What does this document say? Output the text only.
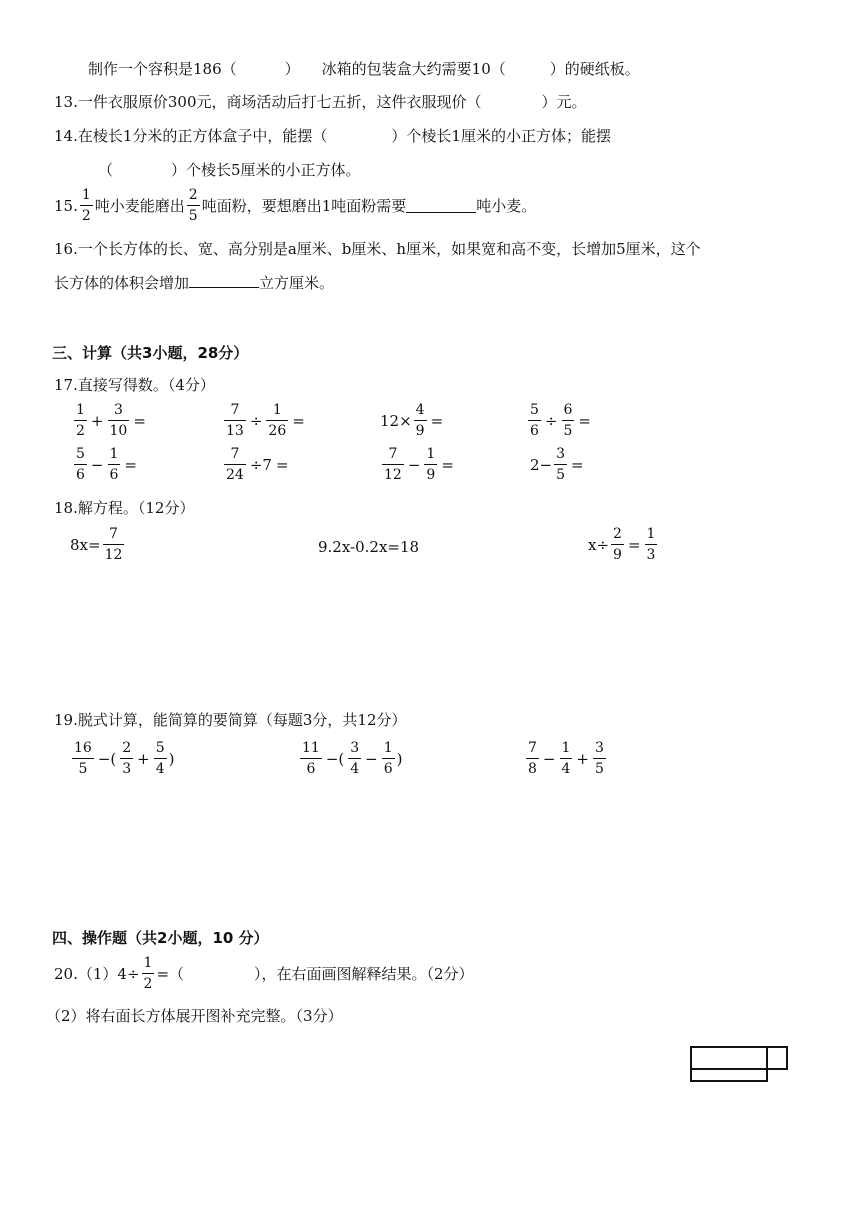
制作一个容积是186（	） 冰箱的包装盒大约需要10（	）的硬纸板。
13.一件衣服原价300元，商场活动后打七五折，这件衣服现价（	）元。
14.在棱长1分米的正方体盒子中，能摆（	）个棱长1厘米的小正方体；能摆
（	）个棱长5厘米的小正方体。
15. $\frac{1}{2}$ 吨小麦能磨出 $\frac{2}{5}$ 吨面粉，要想磨出1吨面粉需要	吨小麦。
16.一个长方体的长、宽、高分别是a厘米、b厘米、h厘米，如果宽和高不变，长增加5厘米，这个
长方体的体积会增加	立方厘米。
三、计算（共3小题，28分）
17.直接写得数。（4分）
$\frac{1}{2} + \frac{3}{10}$ =	$\frac{7}{13} \div \frac{1}{26}$ =	$12\times \frac{4}{9}$ =	$\frac{5}{6} \div \frac{6}{5}$ =
$\frac{5}{6} - \frac{1}{6}$ =	$\frac{7}{24} \div 7$ =	$\frac{7}{12} - \frac{1}{9}$ =	$2- \frac{3}{5}$ =
18.解方程。（12分）
$8x= \frac{7}{12}$	9.2x-0.2x=18	$x\div \frac{2}{9} = \frac{1}{3}$
19.脱式计算，能简算的要简算（每题3分，共12分）
$\frac{16}{5}$ −( $\frac{2}{3} + \frac{5}{4}$ )	$\frac{11}{6}$ −( $\frac{3}{4} - \frac{1}{6}$ )	$\frac{7}{8} - \frac{1}{4} + \frac{3}{5}$
四、操作题（共2小题，10 分）
$20.(1)4\div \frac{1}{2}$ =（	），在右面画图解释结果。（2分）
（2）将右面长方体展开图补充完整。（3分）
